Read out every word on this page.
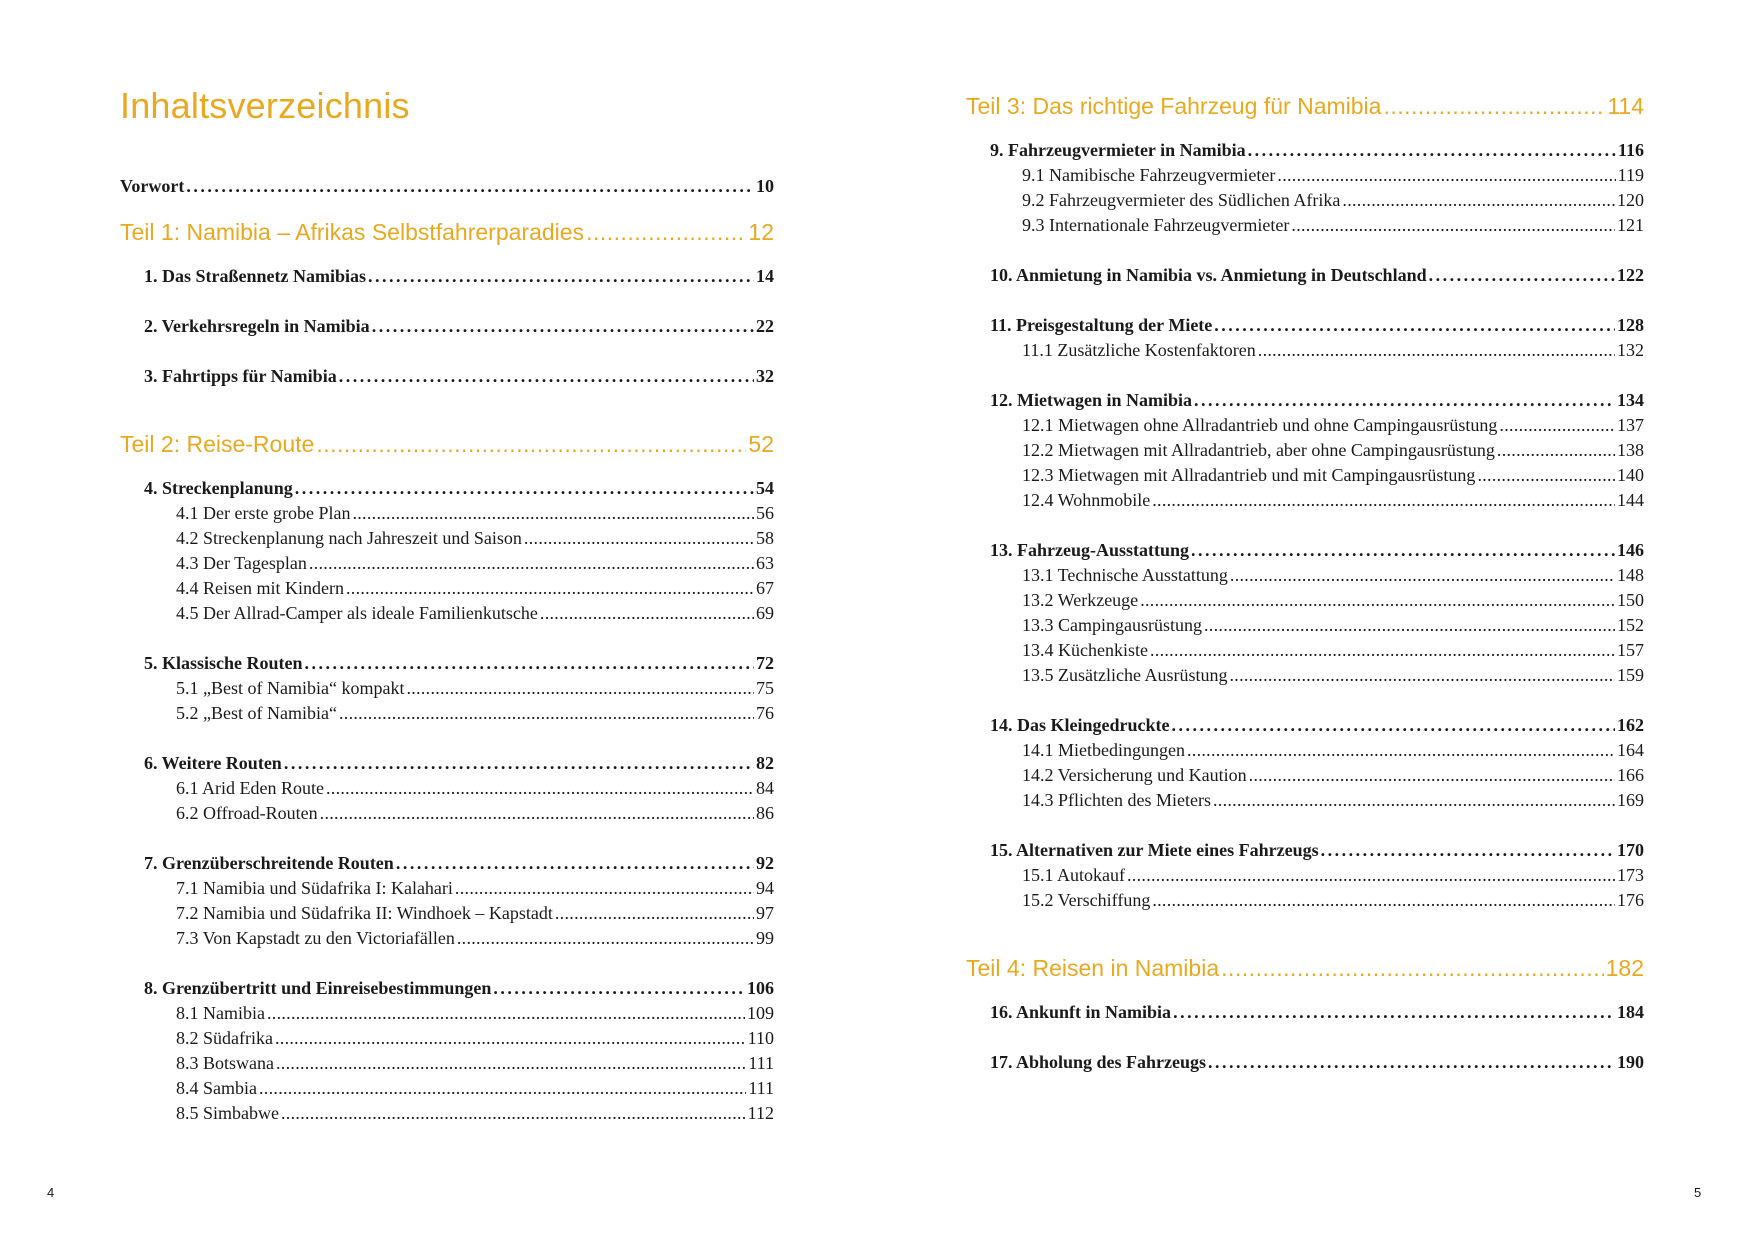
Inhaltsverzeichnis
Vorwort .....	10
Teil 1: Namibia – Afrikas Selbstfahrerparadies .....	12
1. Das Straßennetz Namibias .....	14
2. Verkehrsregeln in Namibia .....	22
3. Fahrtipps für Namibia .....	32
Teil 2: Reise-Route .....	52
4. Streckenplanung .....	54
4.1 Der erste grobe Plan .....	56
4.2 Streckenplanung nach Jahreszeit und Saison .....	58
4.3 Der Tagesplan .....	63
4.4 Reisen mit Kindern .....	67
4.5 Der Allrad-Camper als ideale Familienkutsche .....	69
5. Klassische Routen .....	72
5.1 „Best of Namibia“ kompakt .....	75
5.2 „Best of Namibia“ .....	76
6. Weitere Routen .....	82
6.1 Arid Eden Route .....	84
6.2 Offroad-Routen .....	86
7. Grenzüberschreitende Routen .....	92
7.1 Namibia und Südafrika I: Kalahari .....	94
7.2 Namibia und Südafrika II: Windhoek – Kapstadt .....	97
7.3 Von Kapstadt zu den Victoriafällen .....	99
8. Grenzübertritt und Einreisebestimmungen .....	106
8.1 Namibia .....	109
8.2 Südafrika .....	110
8.3 Botswana .....	111
8.4 Sambia .....	111
8.5 Simbabwe .....	112
4
Teil 3: Das richtige Fahrzeug für Namibia .....	114
9. Fahrzeugvermieter in Namibia .....	116
9.1 Namibische Fahrzeugvermieter .....	119
9.2 Fahrzeugvermieter des Südlichen Afrika .....	120
9.3 Internationale Fahrzeugvermieter .....	121
10. Anmietung in Namibia vs. Anmietung in Deutschland .....	122
11. Preisgestaltung der Miete .....	128
11.1 Zusätzliche Kostenfaktoren .....	132
12. Mietwagen in Namibia .....	134
12.1 Mietwagen ohne Allradantrieb und ohne Campingausrüstung .....	137
12.2 Mietwagen mit Allradantrieb, aber ohne Campingausrüstung .....	138
12.3 Mietwagen mit Allradantrieb und mit Campingausrüstung .....	140
12.4 Wohnmobile .....	144
13. Fahrzeug-Ausstattung .....	146
13.1 Technische Ausstattung .....	148
13.2 Werkzeuge .....	150
13.3 Campingausrüstung .....	152
13.4 Küchenkiste .....	157
13.5 Zusätzliche Ausrüstung .....	159
14. Das Kleingedruckte .....	162
14.1 Mietbedingungen .....	164
14.2 Versicherung und Kaution .....	166
14.3 Pflichten des Mieters .....	169
15. Alternativen zur Miete eines Fahrzeugs .....	170
15.1 Autokauf .....	173
15.2 Verschiffung .....	176
Teil 4: Reisen in Namibia .....	182
16. Ankunft in Namibia .....	184
17. Abholung des Fahrzeugs .....	190
5
